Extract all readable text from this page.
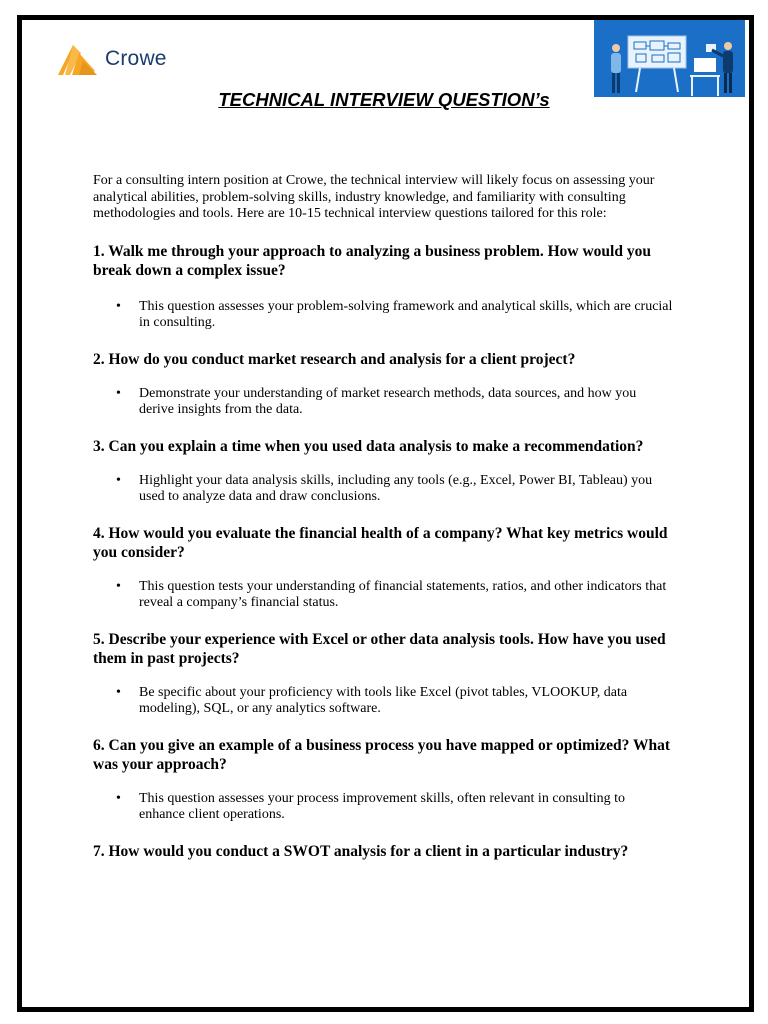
Crowe
TECHNICAL INTERVIEW QUESTION’s

For a consulting intern position at Crowe, the technical interview will likely focus on assessing your analytical abilities, problem-solving skills, industry knowledge, and familiarity with consulting methodologies and tools. Here are 10-15 technical interview questions tailored for this role:

1. Walk me through your approach to analyzing a business problem. How would you break down a complex issue?

• This question assesses your problem-solving framework and analytical skills, which are crucial in consulting.

2. How do you conduct market research and analysis for a client project?

• Demonstrate your understanding of market research methods, data sources, and how you derive insights from the data.

3. Can you explain a time when you used data analysis to make a recommendation?

• Highlight your data analysis skills, including any tools (e.g., Excel, Power BI, Tableau) you used to analyze data and draw conclusions.

4. How would you evaluate the financial health of a company? What key metrics would you consider?

• This question tests your understanding of financial statements, ratios, and other indicators that reveal a company’s financial status.

5. Describe your experience with Excel or other data analysis tools. How have you used them in past projects?

• Be specific about your proficiency with tools like Excel (pivot tables, VLOOKUP, data modeling), SQL, or any analytics software.

6. Can you give an example of a business process you have mapped or optimized? What was your approach?

• This question assesses your process improvement skills, often relevant in consulting to enhance client operations.

7. How would you conduct a SWOT analysis for a client in a particular industry?
